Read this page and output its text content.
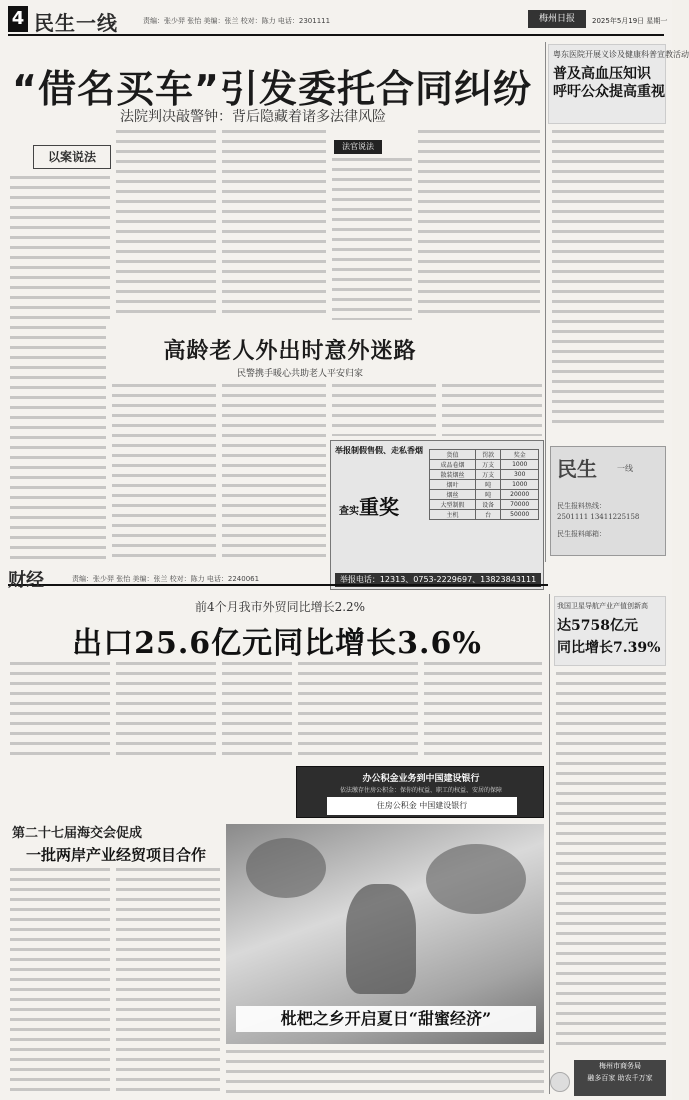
4 民生一线	责编：张少羿 张怡 美编：张兰 校对：陈力 电话：2301111	梅州日报	2025年5月19日 星期一
“借名买车”引发委托合同纠纷
法院判决敲警钟：背后隐藏着诸多法律风险
粤东医院开展义诊及健康科普宣教活动
普及高血压知识 呼吁公众提高重视
以案说法
法官说法
高龄老人外出时意外迷路
民警携手暖心共助老人平安归家
举报制假售假、走私香烟
查实重奖
货值	罚款	奖金
成品卷烟	万支	1000
散装烟丝	万支	300
烟叶	吨	1000
烟丝	吨	20000
大型制假	设备	70000
主机	台	50000
举报电话：12313、0753-2229697、13823843111
民生	一线
民生报料热线：
2501111 13411225158
民生报料邮箱：
财经	责编：张少羿 张怡 美编：张兰 校对：陈力 电话：2240061
前4个月我市外贸同比增长2.2%
出口25.6亿元同比增长3.6%
我国卫星导航产业产值创新高
达5758亿元
同比增长7.39%
办公积金业务到中国建设银行
依法缴存住房公积金：保你的权益、职工的权益、安居的保障
住房公积金 中国建设银行
第二十七届海交会促成
一批两岸产业经贸项目合作
枇杷之乡开启夏日“甜蜜经济”
梅州市商务局
融多百家 助农千万家
